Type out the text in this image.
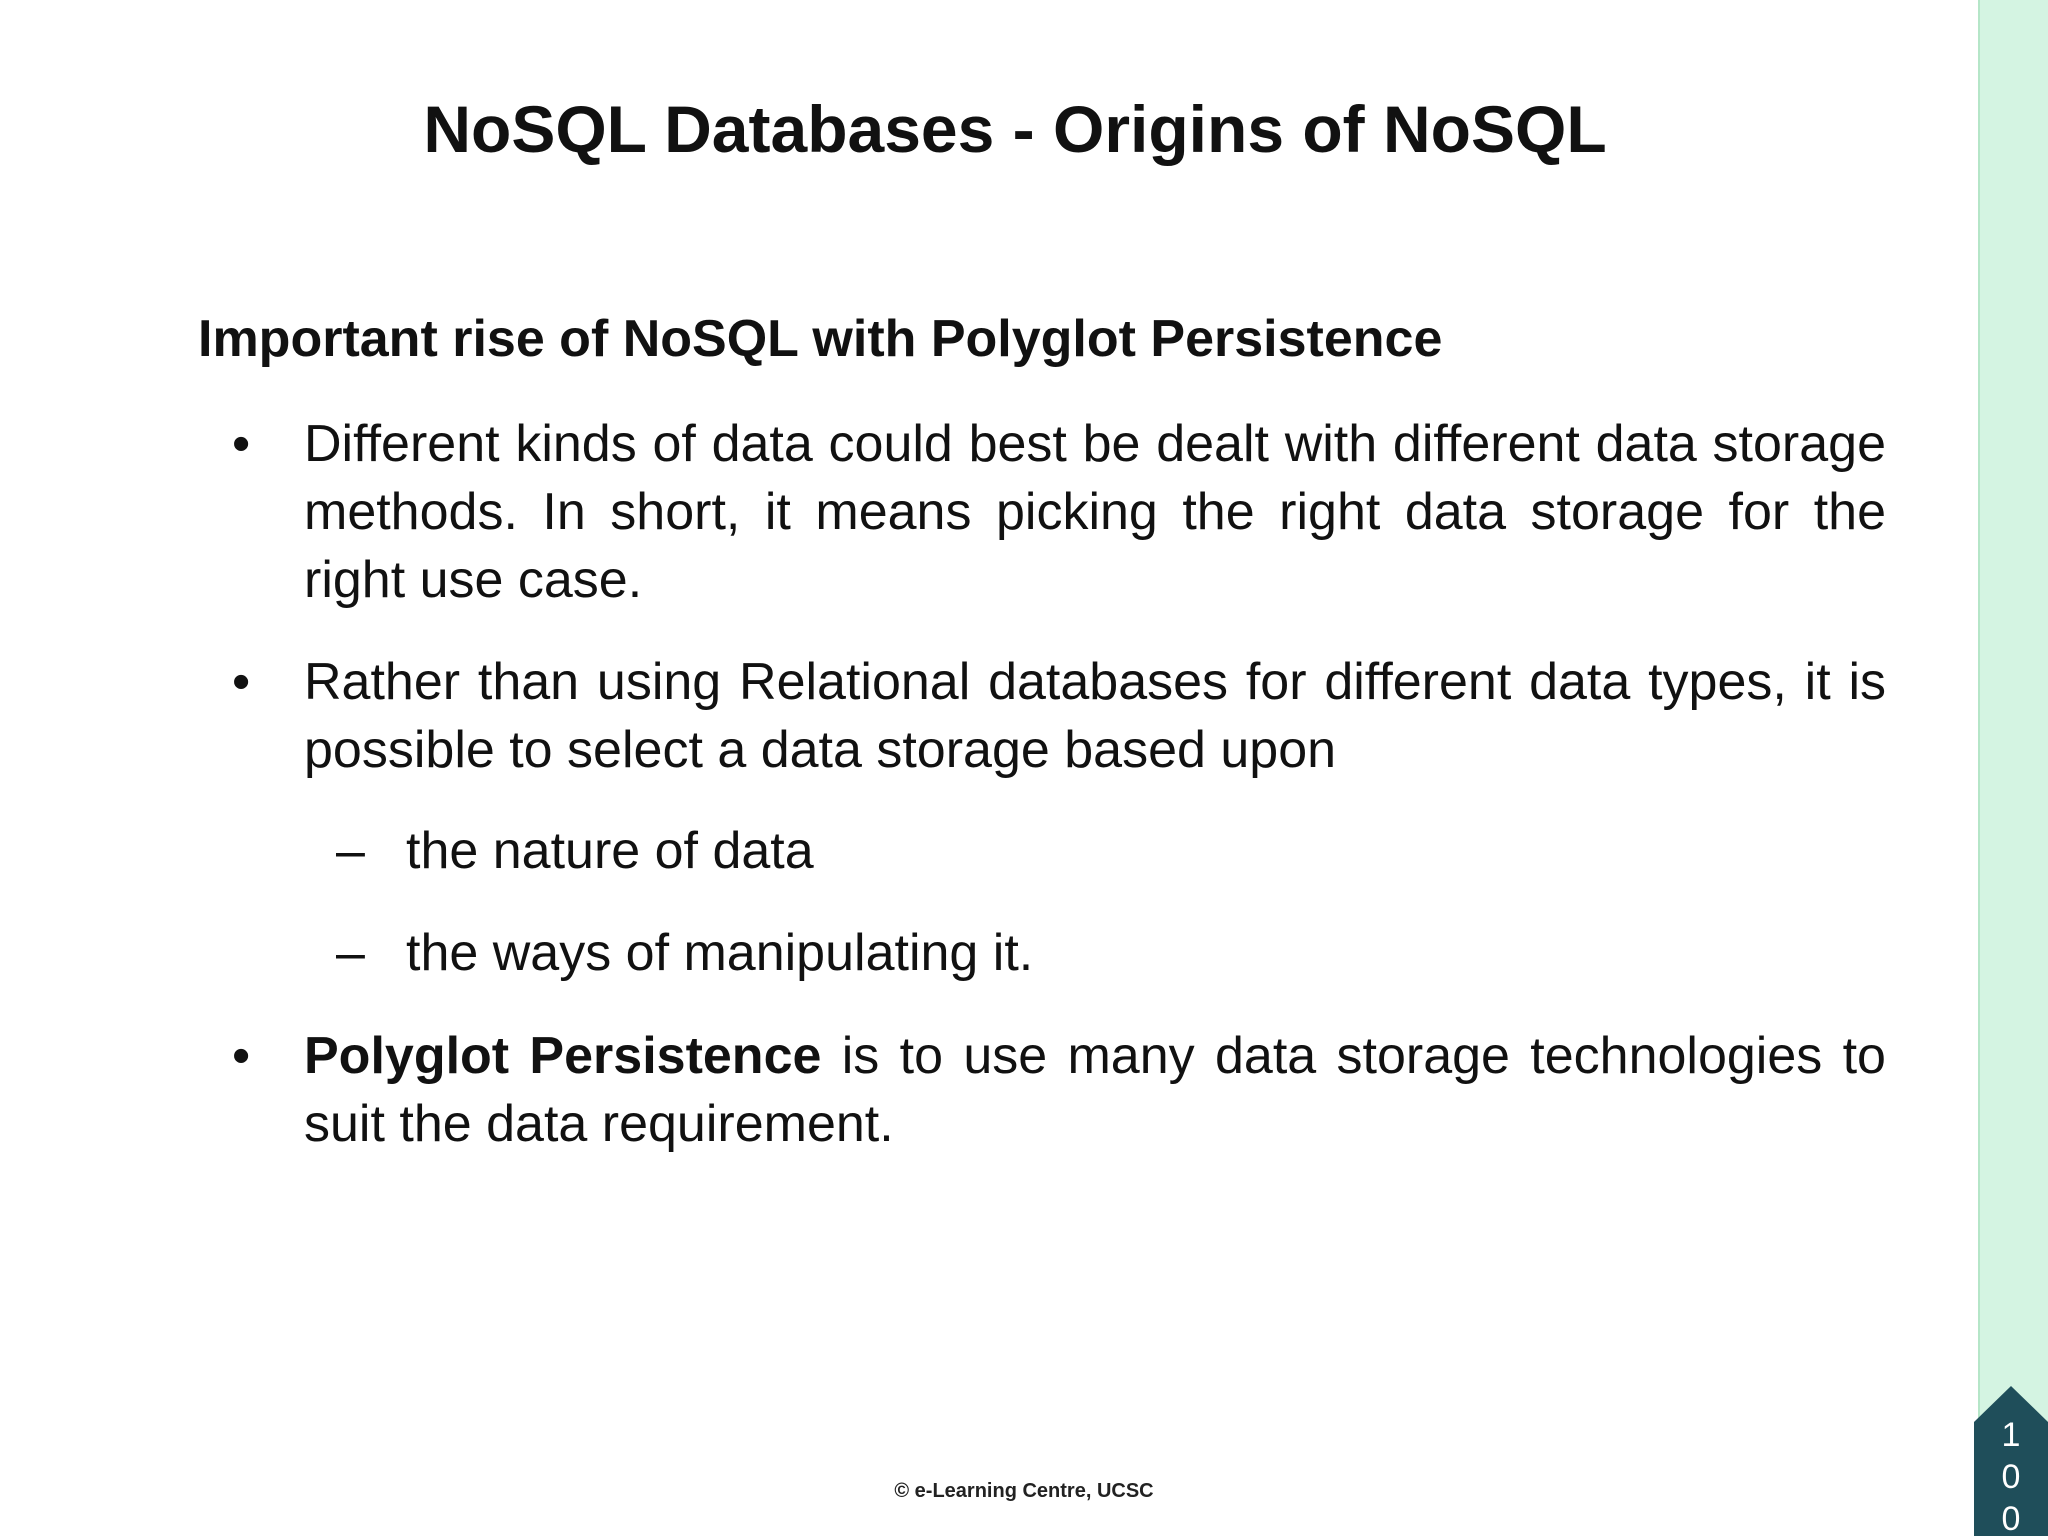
NoSQL Databases - Origins of NoSQL

Important rise of NoSQL with Polyglot Persistence

• Different kinds of data could best be dealt with different data storage methods. In short, it means picking the right data storage for the right use case.
• Rather than using Relational databases for different data types, it is possible to select a data storage based upon
– the nature of data
– the ways of manipulating it.
• Polyglot Persistence is to use many data storage technologies to suit the data requirement.
© e-Learning Centre, UCSC
1
0
0
